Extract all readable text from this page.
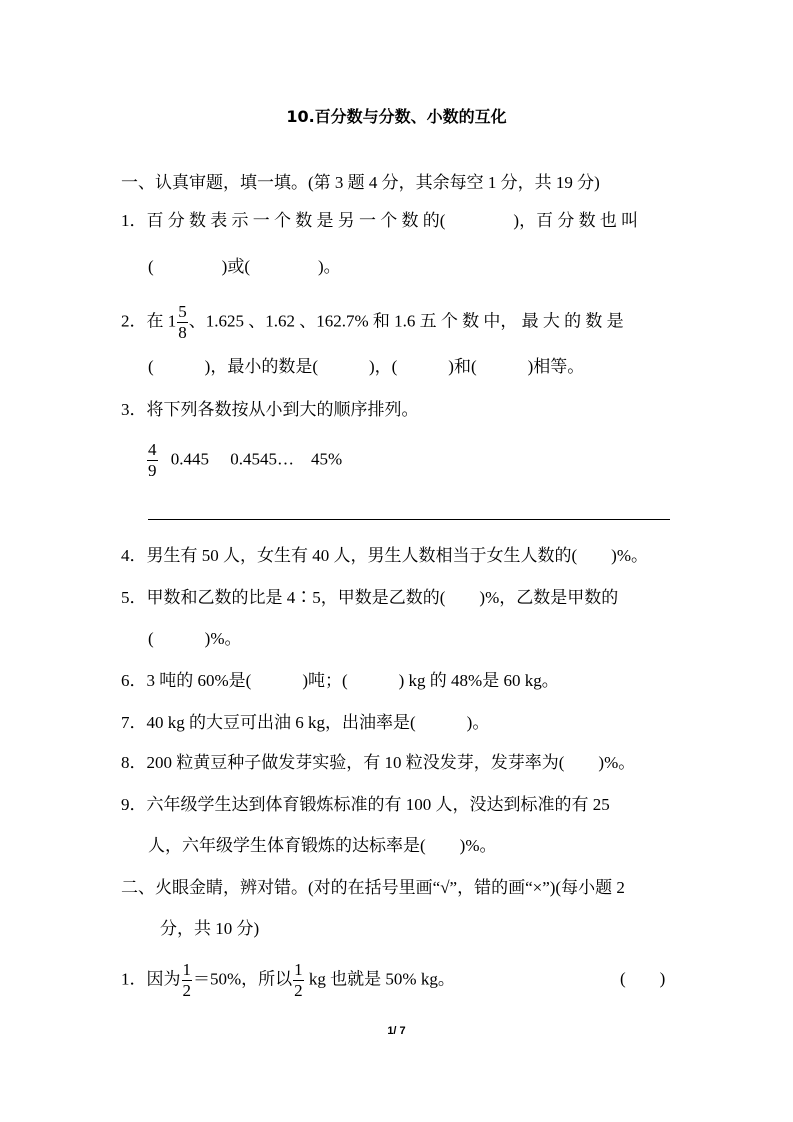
10.百分数与分数、小数的互化
一、认真审题，填一填。(第 3 题 4 分，其余每空 1 分，共 19 分)
1．百 分 数 表 示 一 个 数 是 另 一 个 数 的(　　　　)，百 分 数 也 叫
(　　　　)或(　　　　)。
2．在 $1 \frac{5}{8}$ 、1.625 、1.62 、162.7% 和 1.6 五 个 数 中， 最 大 的 数 是
(　　　)，最小的数是(　　　)，(　　　)和(　　　)相等。
3．将下列各数按从小到大的顺序排列。
$\frac{4}{9} 0.445$　 0.4545…　45%
4．男生有 50 人，女生有 40 人，男生人数相当于女生人数的(　　)%。
5．甲数和乙数的比是 4∶5，甲数是乙数的(　　)%，乙数是甲数的
(　　　)%。
6．3 吨的 60%是(　　　)吨；(　　　) kg 的 48%是 60 kg。
7．40 kg 的大豆可出油 6 kg，出油率是(　　　)。
8．200 粒黄豆种子做发芽实验，有 10 粒没发芽，发芽率为(　　)%。
9．六年级学生达到体育锻炼标准的有 100 人，没达到标准的有 25
人，六年级学生体育锻炼的达标率是(　　)%。
二、火眼金睛，辨对错。(对的在括号里画“√”，错的画“×”)(每小题 2
分，共 10 分)
1．因为 $\frac{1}{2} =50\%$，所以 $\frac{1}{2}$ kg 也就是 50% kg。	(　　)
1/ 7
